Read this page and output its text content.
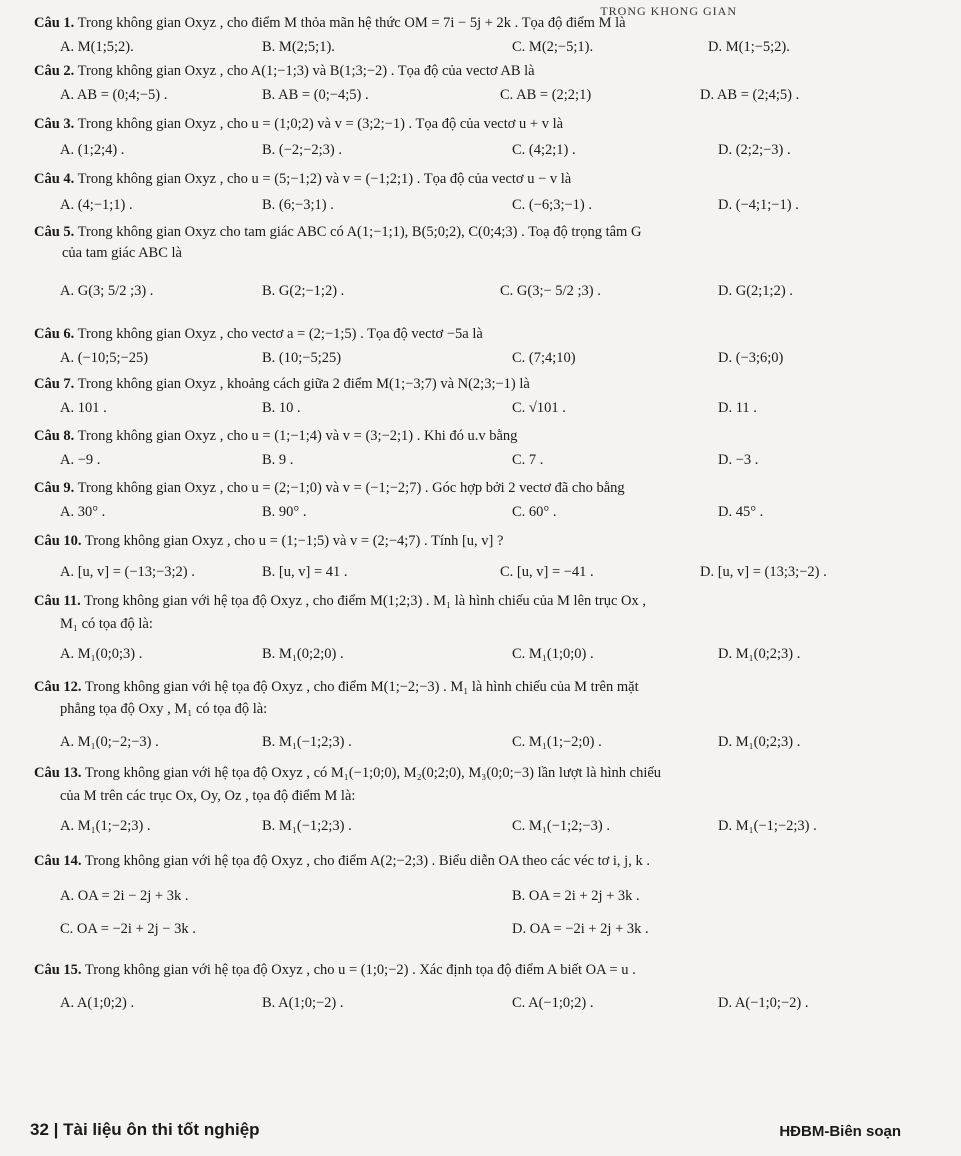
TRONG KHONG GIAN
Câu 1. Trong không gian Oxyz , cho điểm M thỏa mãn hệ thức OM = 7i − 5j + 2k . Tọa độ điểm M là
A. M(1;5;2).	B. M(2;5;1).	C. M(2;−5;1).	D. M(1;−5;2).
Câu 2. Trong không gian Oxyz , cho A(1;−1;3) và B(1;3;−2) . Tọa độ của vectơ AB là
A. AB = (0;4;−5) .	B. AB = (0;−4;5) .	C. AB = (2;2;1)	D. AB = (2;4;5) .
Câu 3. Trong không gian Oxyz , cho u = (1;0;2) và v = (3;2;−1) . Tọa độ của vectơ u + v là
A. (1;2;4) .	B. (−2;−2;3) .	C. (4;2;1) .	D. (2;2;−3) .
Câu 4. Trong không gian Oxyz , cho u = (5;−1;2) và v = (−1;2;1) . Tọa độ của vectơ u − v là
A. (4;−1;1) .	B. (6;−3;1) .	C. (−6;3;−1) .	D. (−4;1;−1) .
Câu 5. Trong không gian Oxyz cho tam giác ABC có A(1;−1;1), B(5;0;2), C(0;4;3) . Toạ độ trọng tâm G
của tam giác ABC là
A. G(3; 5/2 ;3) .	B. G(2;−1;2) .	C. G(3;− 5/2 ;3) .	D. G(2;1;2) .
Câu 6. Trong không gian Oxyz , cho vectơ a = (2;−1;5) . Tọa độ vectơ −5a là
A. (−10;5;−25)	B. (10;−5;25)	C. (7;4;10)	D. (−3;6;0)
Câu 7. Trong không gian Oxyz , khoảng cách giữa 2 điểm M(1;−3;7) và N(2;3;−1) là
A. 101 .	B. 10 .	C. √101 .	D. 11 .
Câu 8. Trong không gian Oxyz , cho u = (1;−1;4) và v = (3;−2;1) . Khi đó u.v bằng
A. −9 .	B. 9 .	C. 7 .	D. −3 .
Câu 9. Trong không gian Oxyz , cho u = (2;−1;0) và v = (−1;−2;7) . Góc hợp bởi 2 vectơ đã cho bằng
A. 30° .	B. 90° .	C. 60° .	D. 45° .
Câu 10. Trong không gian Oxyz , cho u = (1;−1;5) và v = (2;−4;7) . Tính [u, v] ?
A. [u, v] = (−13;−3;2) .	B. [u, v] = 41 .	C. [u, v] = −41 .	D. [u, v] = (13;3;−2) .
Câu 11. Trong không gian với hệ tọa độ Oxyz , cho điểm M(1;2;3) . M₁ là hình chiếu của M lên trục Ox ,
M₁ có tọa độ là:
A. M₁(0;0;3) .	B. M₁(0;2;0) .	C. M₁(1;0;0) .	D. M₁(0;2;3) .
Câu 12. Trong không gian với hệ tọa độ Oxyz , cho điểm M(1;−2;−3) . M₁ là hình chiếu của M trên mặt
phẳng tọa độ Oxy , M₁ có tọa độ là:
A. M₁(0;−2;−3) .	B. M₁(−1;2;3) .	C. M₁(1;−2;0) .	D. M₁(0;2;3) .
Câu 13. Trong không gian với hệ tọa độ Oxyz , có M₁(−1;0;0), M₂(0;2;0), M₃(0;0;−3) lần lượt là hình chiếu
của M trên các trục Ox, Oy, Oz , tọa độ điểm M là:
A. M₁(1;−2;3) .	B. M₁(−1;2;3) .	C. M₁(−1;2;−3) .	D. M₁(−1;−2;3) .
Câu 14. Trong không gian với hệ tọa độ Oxyz , cho điểm A(2;−2;3) . Biểu diễn OA theo các véc tơ i, j, k .
A. OA = 2i − 2j + 3k .	B. OA = 2i + 2j + 3k .
C. OA = −2i + 2j − 3k .	D. OA = −2i + 2j + 3k .
Câu 15. Trong không gian với hệ tọa độ Oxyz , cho u = (1;0;−2) . Xác định tọa độ điểm A biết OA = u .
A. A(1;0;2) .	B. A(1;0;−2) .	C. A(−1;0;2) .	D. A(−1;0;−2) .
32 | Tài liệu ôn thi tốt nghiệp	HĐBM-Biên soạn
